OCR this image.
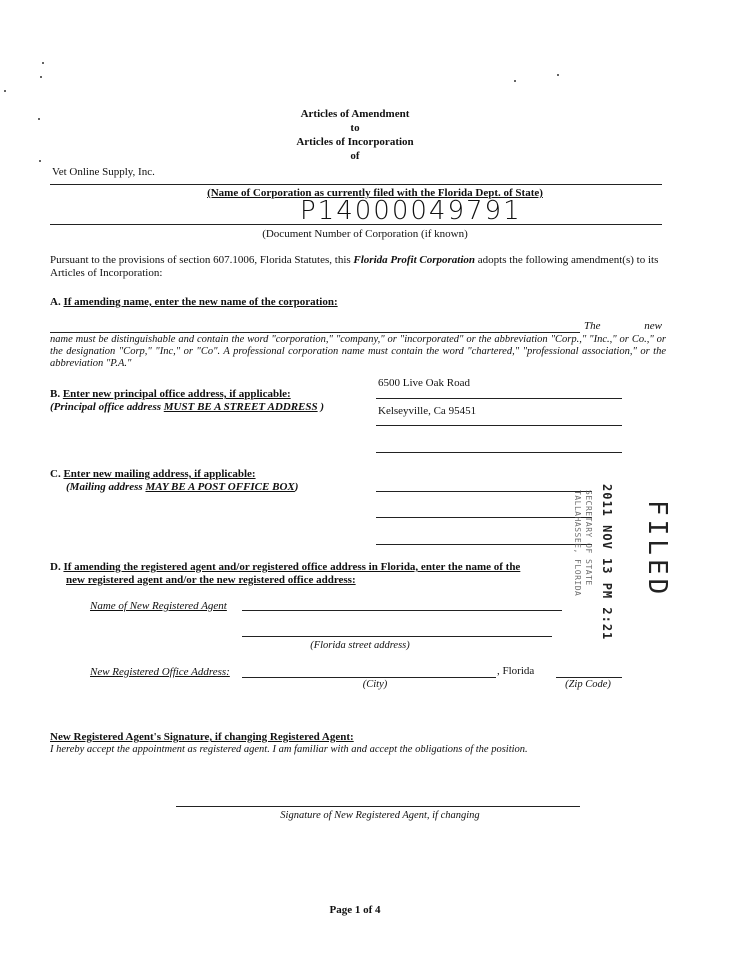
Articles of Amendment
to
Articles of Incorporation
of
Vet Online Supply, Inc.
(Name of Corporation as currently filed with the Florida Dept. of State)
P14000049791
(Document Number of Corporation (if known)
Pursuant to the provisions of section 607.1006, Florida Statutes, this Florida Profit Corporation adopts the following amendment(s) to its Articles of Incorporation:
A. If amending name, enter the new name of the corporation:
The new
name must be distinguishable and contain the word "corporation," "company," or "incorporated" or the abbreviation "Corp.," "Inc.," or Co.," or the designation "Corp," "Inc," or "Co". A professional corporation name must contain the word "chartered," "professional association," or the abbreviation "P.A."
6500 Live Oak Road
B. Enter new principal office address, if applicable:
(Principal office address MUST BE A STREET ADDRESS )	Kelseyville, Ca 95451
C. Enter new mailing address, if applicable:
(Mailing address MAY BE A POST OFFICE BOX)
D. If amending the registered agent and/or registered office address in Florida, enter the name of the
new registered agent and/or the new registered office address:
Name of New Registered Agent
(Florida street address)
New Registered Office Address:	, Florida
(City)	(Zip Code)
New Registered Agent's Signature, if changing Registered Agent:
I hereby accept the appointment as registered agent. I am familiar with and accept the obligations of the position.
Signature of New Registered Agent, if changing
FILED
2011 NOV 13 PM 2:21
SECRETARY OF STATE TALLAHASSEE, FLORIDA
Page 1 of 4
